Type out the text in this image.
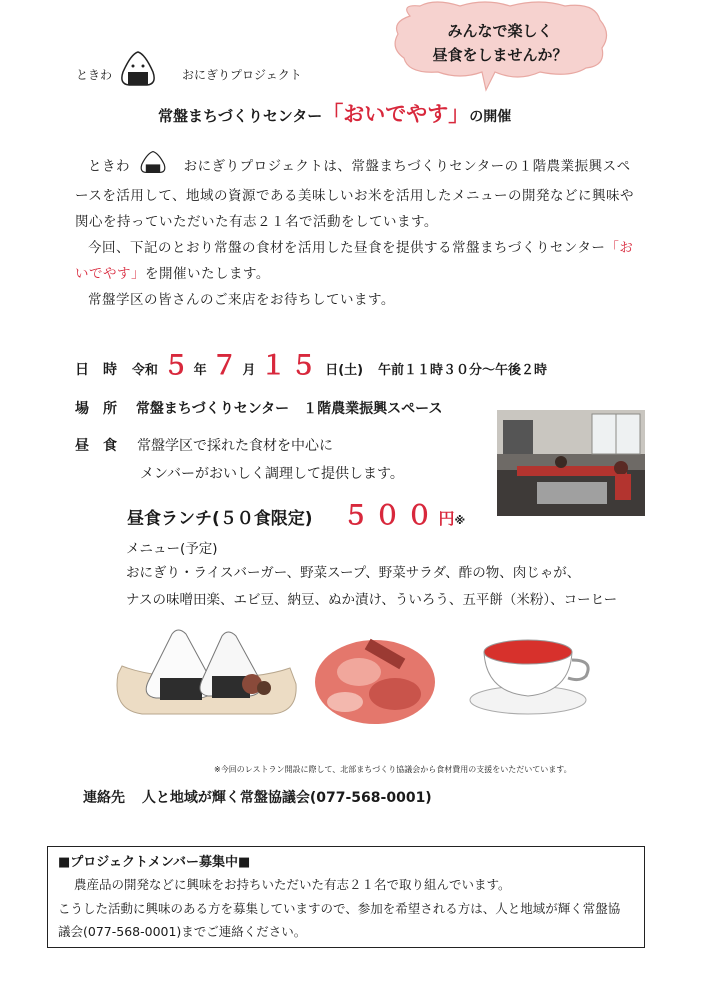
みんなで楽しく
昼食をしませんか？
ときわ	おにぎりプロジェクト
常盤まちづくりセンター「おいでやす」の開催
ときわ	おにぎりプロジェクトは、常盤まちづくりセンターの１階農業振興スペ
ースを活用して、地域の資源である美味しいお米を活用したメニューの開発などに興味や
関心を持っていただいた有志２１名で活動をしています。
今回、下記のとおり常盤の食材を活用した昼食を提供する常盤まちづくりセンター「お
いでやす」を開催いたします。
常盤学区の皆さんのご来店をお待ちしています。
日　時 令和 ５ 年 ７ 月 １５ 日(土) 午前１１時３０分～午後２時
場　所 常盤まちづくりセンター　１階農業振興スペース
昼　食 常盤学区で採れた食材を中心に
メンバーがおいしく調理して提供します。
昼食ランチ(５０食限定) ５００円※
メニュー(予定)
おにぎり・ライスバーガー、野菜スープ、野菜サラダ、酢の物、肉じゃが、
ナスの味噌田楽、エビ豆、納豆、ぬか漬け、ういろう、五平餅（米粉）、コーヒー
※今回のレストラン開設に際して、北部まちづくり協議会から食材費用の支援をいただいています。
連絡先 人と地域が輝く常盤協議会(077-568-0001)
■プロジェクトメンバー募集中■
農産品の開発などに興味をお持ちいただいた有志２１名で取り組んでいます。
こうした活動に興味のある方を募集していますので、参加を希望される方は、人と地域が輝く常盤協
議会(077-568-0001)までご連絡ください。
